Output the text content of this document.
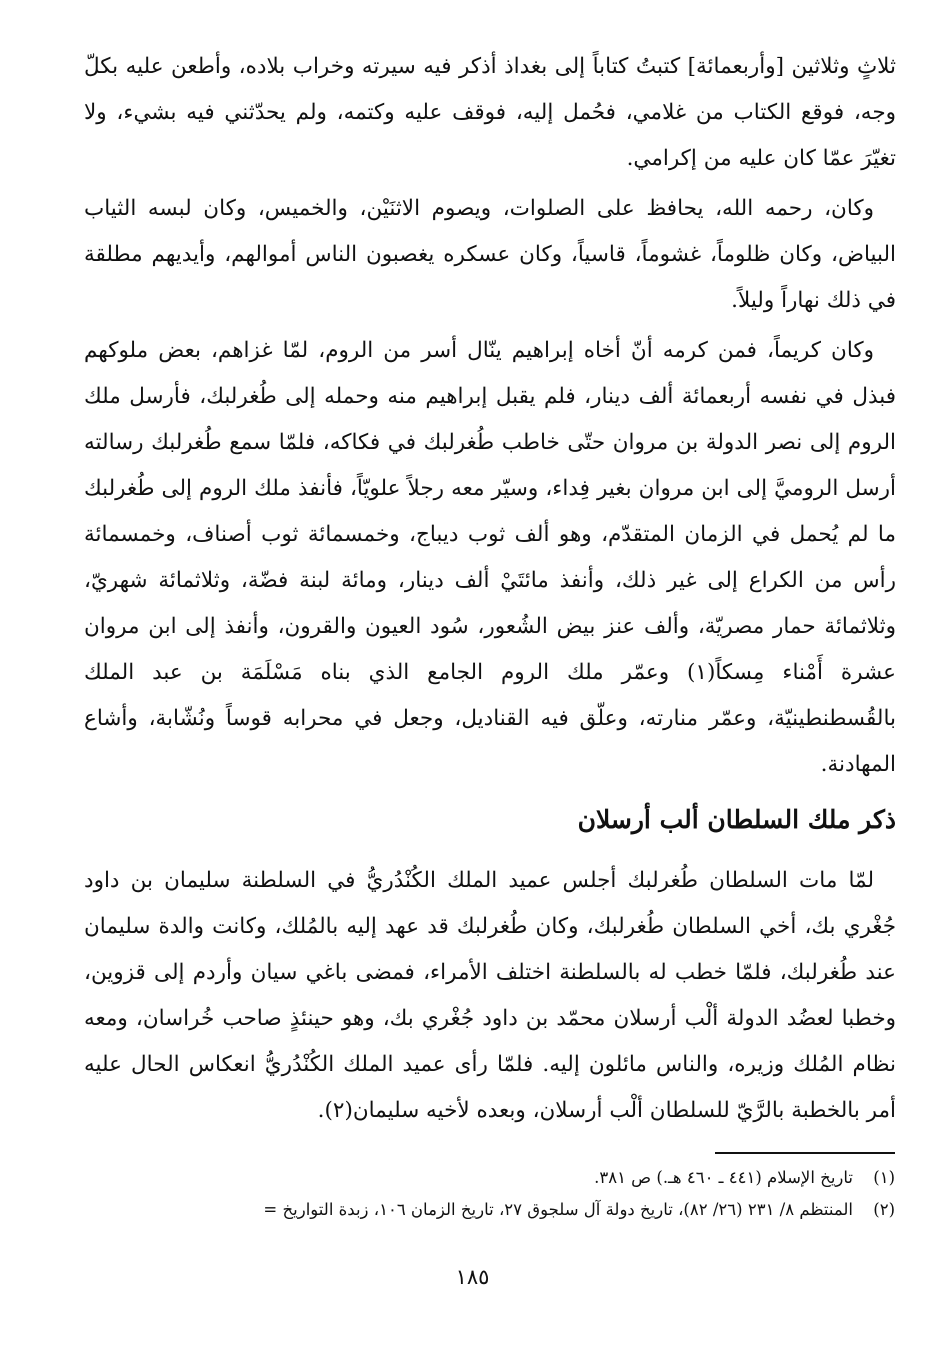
ثلاثٍ وثلاثين [وأربعمائة] كتبتُ كتاباً إلى بغداذ أذكر فيه سيرته وخراب بلاده، وأطعن عليه بكلّ وجه، فوقع الكتاب من غلامي، فحُمل إليه، فوقف عليه وكتمه، ولم يحدّثني فيه بشيء، ولا تغيّرَ عمّا كان عليه من إكرامي.

وكان، رحمه الله، يحافظ على الصلوات، ويصوم الاثنَيْن، والخميس، وكان لبسه الثياب البياض، وكان ظلوماً، غشوماً، قاسياً، وكان عسكره يغصبون الناس أموالهم، وأيديهم مطلقة في ذلك نهاراً وليلاً.

وكان كريماً، فمن كرمه أنّ أخاه إبراهيم ينّال أسر من الروم، لمّا غزاهم، بعض ملوكهم فبذل في نفسه أربعمائة ألف دينار، فلم يقبل إبراهيم منه وحمله إلى طُغرلبك، فأرسل ملك الروم إلى نصر الدولة بن مروان حتّى خاطب طُغرلبك في فكاكه، فلمّا سمع طُغرلبك رسالته أرسل الروميَّ إلى ابن مروان بغير فِداء، وسيّر معه رجلاً علويّاً، فأنفذ ملك الروم إلى طُغرلبك ما لم يُحمل في الزمان المتقدّم، وهو ألف ثوب ديباج، وخمسمائة ثوب أصناف، وخمسمائة رأس من الكراع إلى غير ذلك، وأنفذ مائتَيْ ألف دينار، ومائة لبنة فضّة، وثلاثمائة شهريّ، وثلاثمائة حمار مصريّة، وألف عنز بيض الشُعور، سُود العيون والقرون، وأنفذ إلى ابن مروان عشرة أَمْناء مِسكاً(١) وعمّر ملك الروم الجامع الذي بناه مَسْلَمَة بن عبد الملك بالقُسطنطينيّة، وعمّر منارته، وعلّق فيه القناديل، وجعل في محرابه قوساً ونُشّابة، وأشاع المهادنة.

ذكر ملك السلطان ألب أرسلان

لمّا مات السلطان طُغرلبك أجلس عميد الملك الكُنْدُريُّ في السلطنة سليمان بن داود جُغْري بك، أخي السلطان طُغرلبك، وكان طُغرلبك قد عهد إليه بالمُلك، وكانت والدة سليمان عند طُغرلبك، فلمّا خطب له بالسلطنة اختلف الأمراء، فمضى باغي سيان وأردم إلى قزوين، وخطبا لعضُد الدولة ألْب أرسلان محمّد بن داود جُغْري بك، وهو حينئذٍ صاحب خُراسان، ومعه نظام المُلك وزيره، والناس مائلون إليه. فلمّا رأى عميد الملك الكُنْدُريُّ انعكاس الحال عليه أمر بالخطبة بالرَّيّ للسلطان ألْب أرسلان، وبعده لأخيه سليمان(٢).

(١)
تاريخ الإسلام (٤٤١ ـ ٤٦٠ هـ.) ص ٣٨١.
(٢)
المنتظم ٨/ ٢٣١ (٢٦/ ٨٢)، تاريخ دولة آل سلجوق ٢٧، تاريخ الزمان ١٠٦، زبدة التواريخ =
١٨٥
